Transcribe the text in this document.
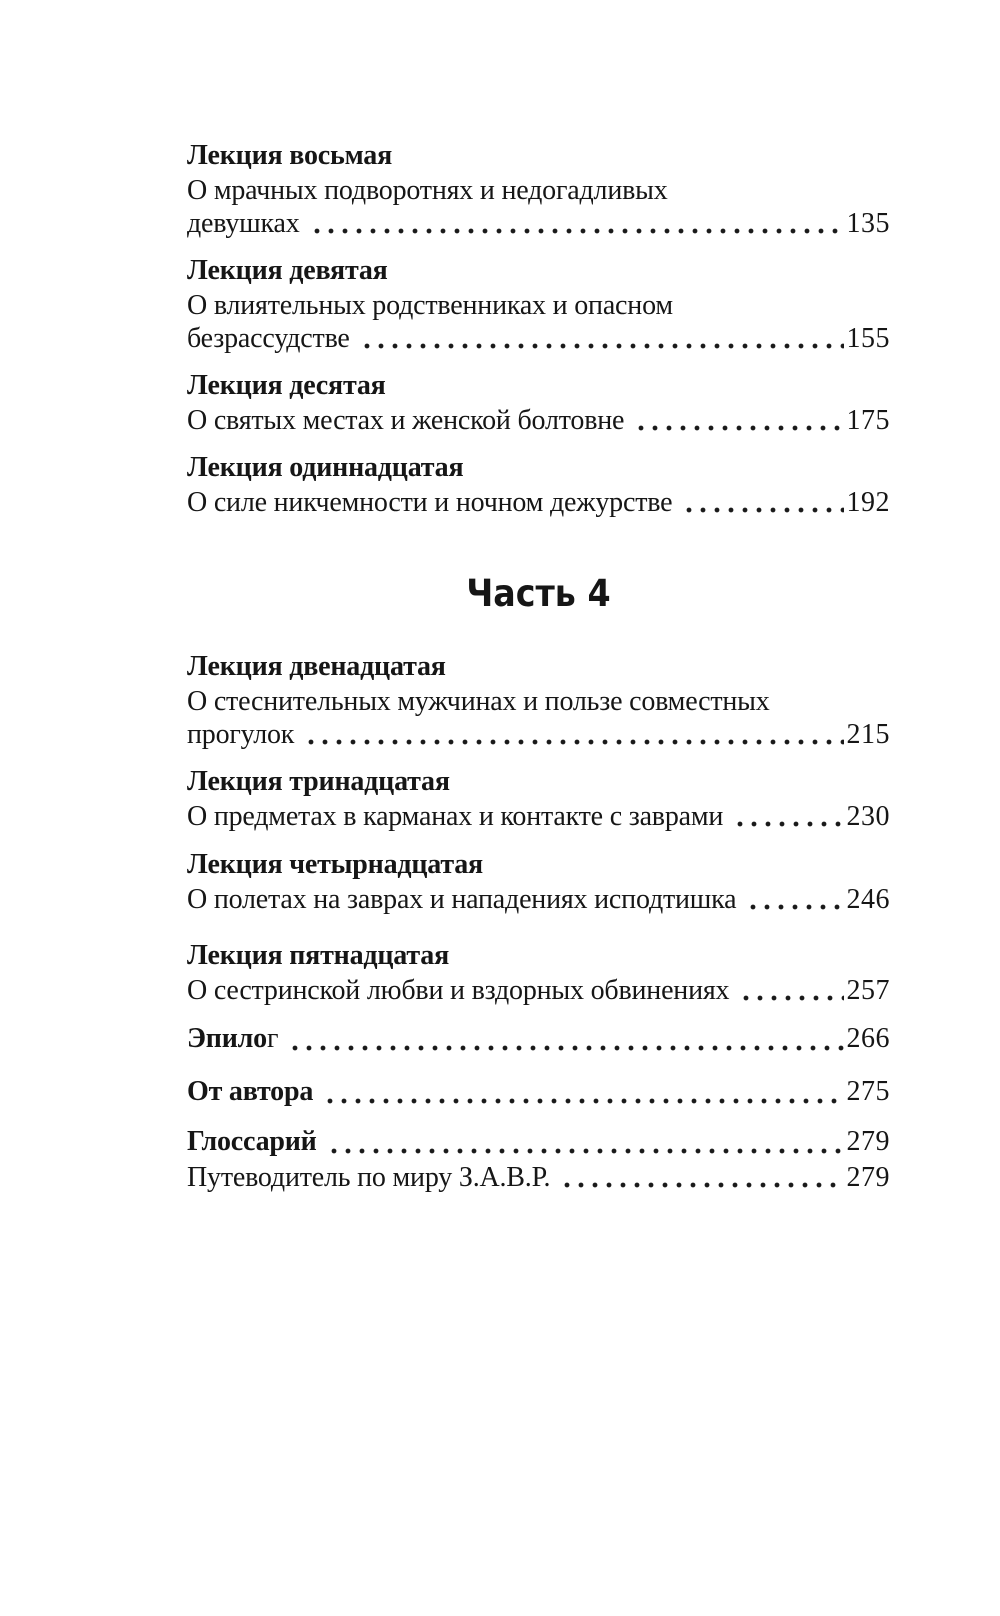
Лекция восьмая
О мрачных подворотнях и недогадливых
девушках	135
Лекция девятая
О влиятельных родственниках и опасном
безрассудстве	155
Лекция десятая
О святых местах и женской болтовне	175
Лекция одиннадцатая
О силе никчемности и ночном дежурстве	192
Часть 4
Лекция двенадцатая
О стеснительных мужчинах и пользе совместных
прогулок	215
Лекция тринадцатая
О предметах в карманах и контакте с заврами	230
Лекция четырнадцатая
О полетах на заврах и нападениях исподтишка	246
Лекция пятнадцатая
О сестринской любви и вздорных обвинениях	257
Эпило г	266
От автора	275
Глоссарий	279
Путеводитель по миру З.А.В.Р.	279
